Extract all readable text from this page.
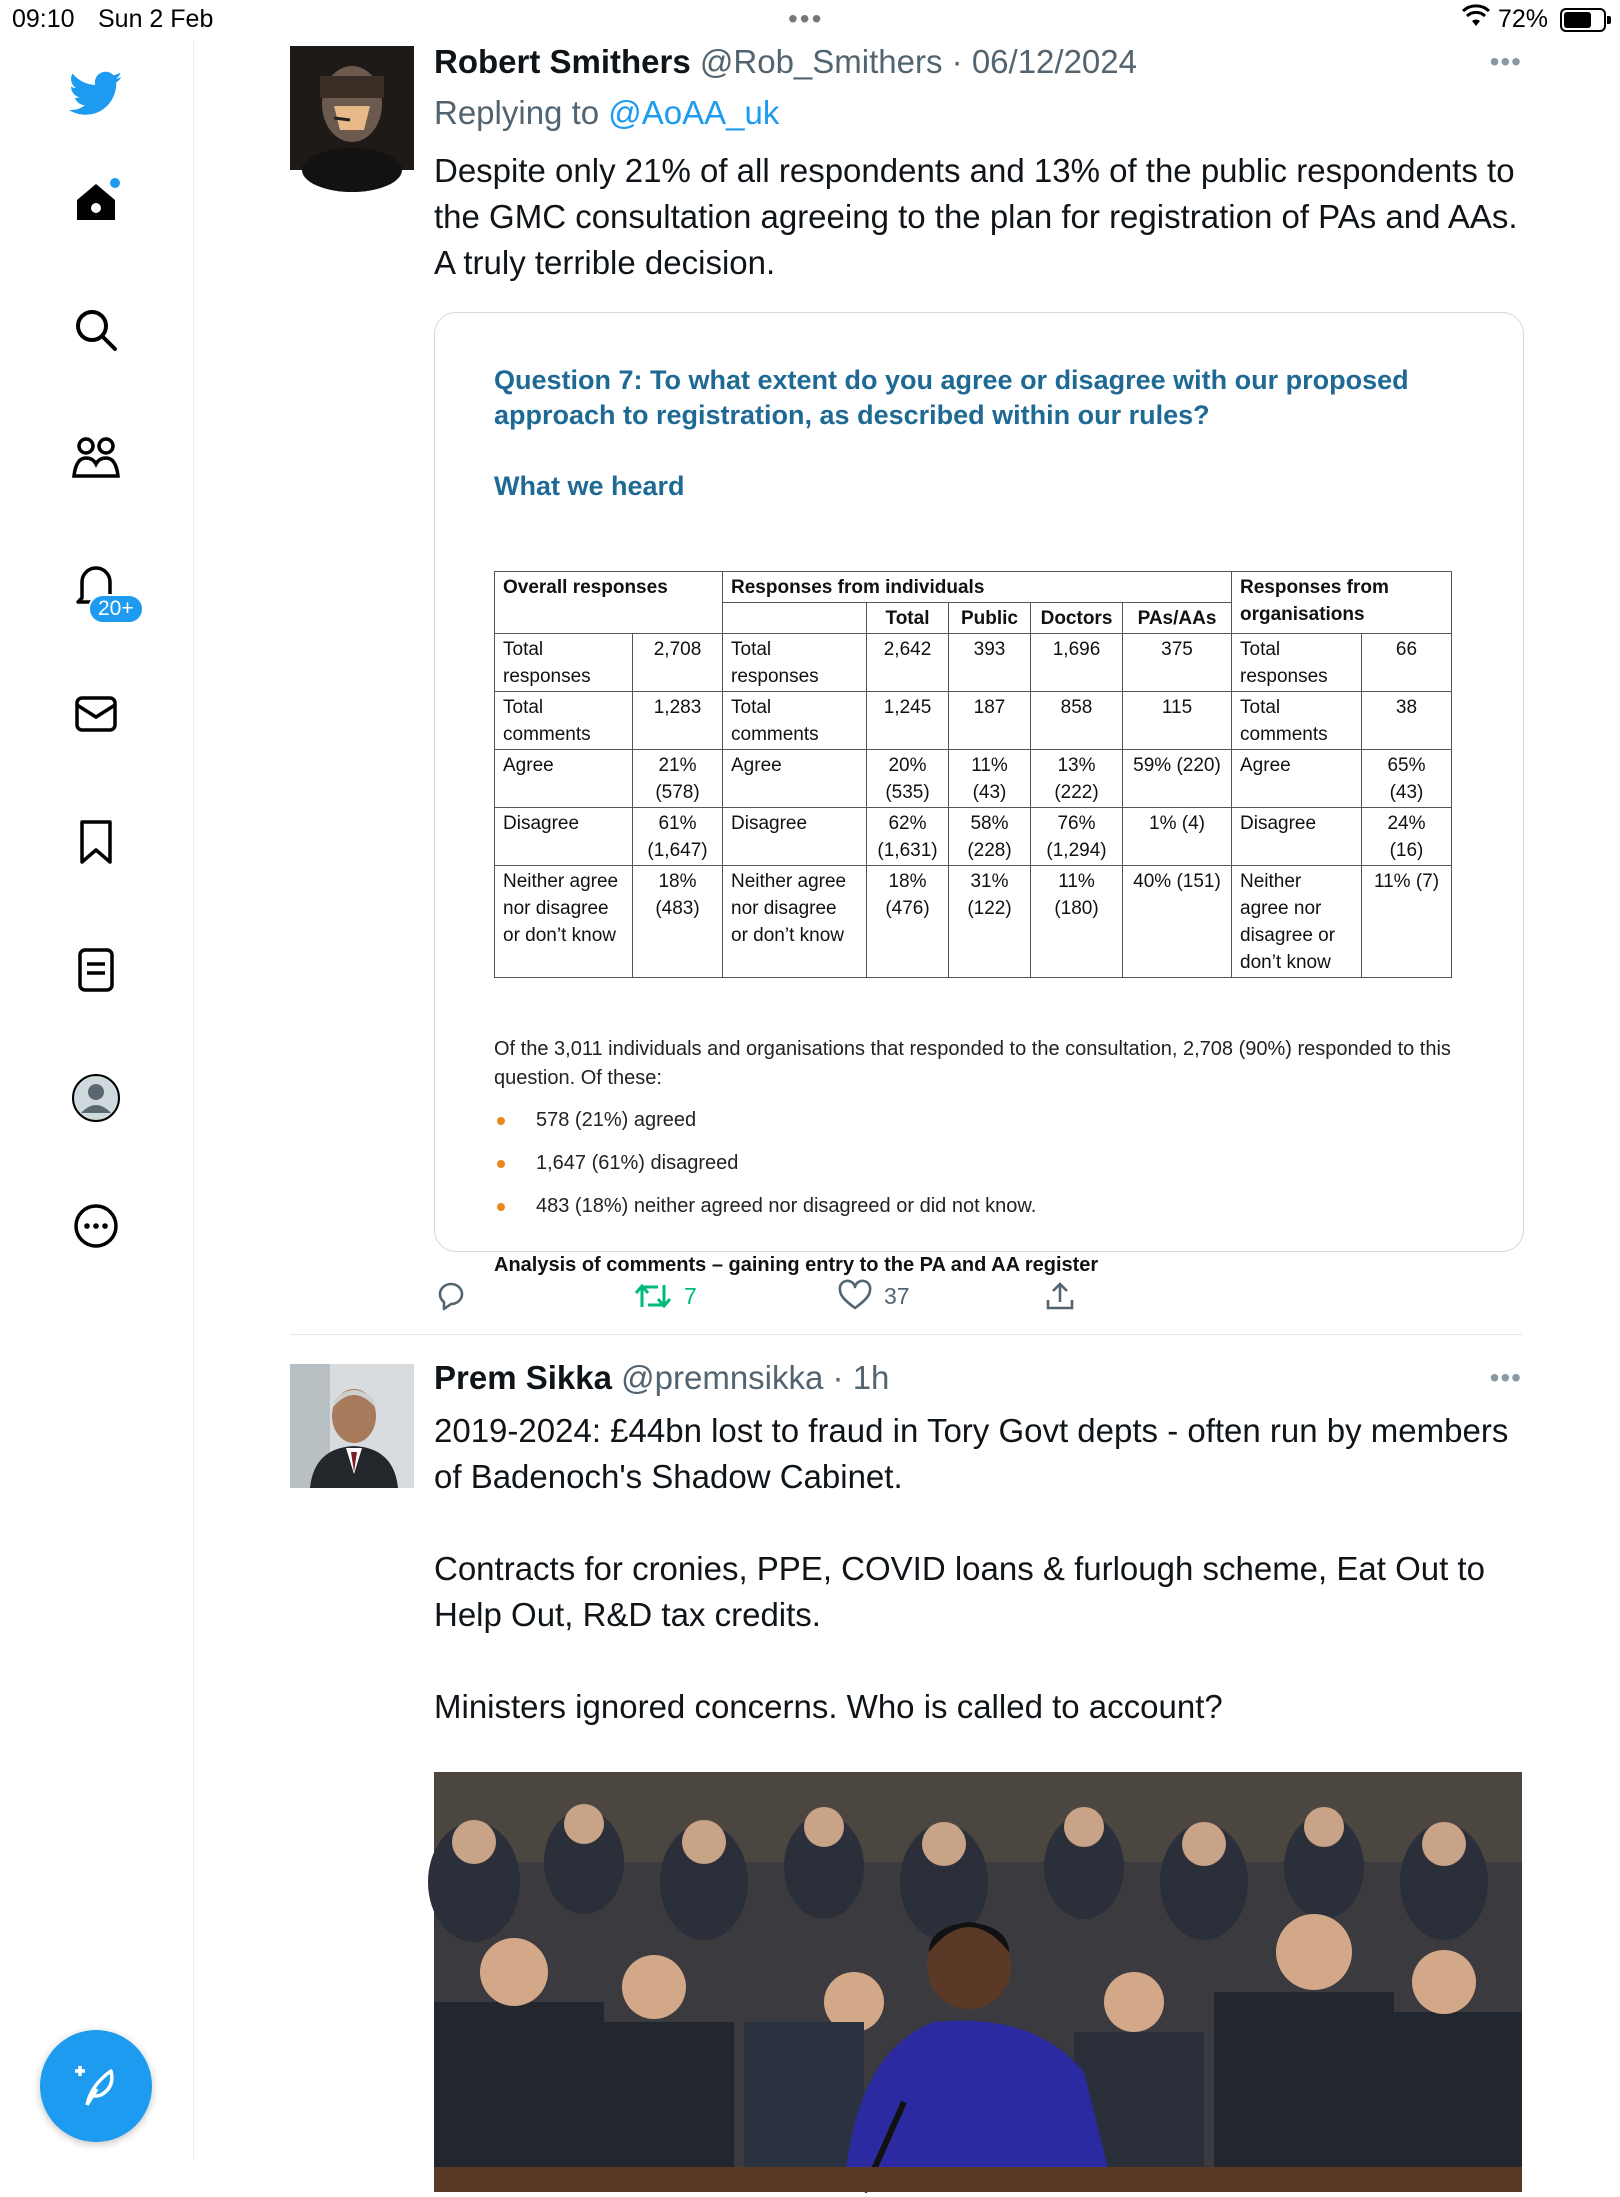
09:10 Sun 2 Feb	•••	72%
20+
Robert Smithers @Rob_Smithers · 06/12/2024	•••
Replying to @AoAA_uk
Despite only 21% of all respondents and 13% of the public respondents to the GMC consultation agreeing to the plan for registration of PAs and AAs. A truly terrible decision.
Question 7: To what extent do you agree or disagree with our proposed approach to registration, as described within our rules?
What we heard
Overall responses		Responses from individuals					Responses from organisations	
			Total	Public	Doctors	PAs/AAs		
Total responses	2,708	Total responses	2,642	393	1,696	375	Total responses	66
Total comments	1,283	Total comments	1,245	187	858	115	Total comments	38
Agree	21% (578)	Agree	20% (535)	11% (43)	13% (222)	59% (220)	Agree	65% (43)
Disagree	61% (1,647)	Disagree	62% (1,631)	58% (228)	76% (1,294)	1% (4)	Disagree	24% (16)
Neither agree nor disagree or don’t know	18% (483)	Neither agree nor disagree or don’t know	18% (476)	31% (122)	11% (180)	40% (151)	Neither agree nor disagree or don’t know	11% (7)
Of the 3,011 individuals and organisations that responded to the consultation, 2,708 (90%) responded to this question. Of these:
578 (21%) agreed
1,647 (61%) disagreed
483 (18%) neither agreed nor disagreed or did not know.
Analysis of comments – gaining entry to the PA and AA register
7	37
Prem Sikka @premnsikka · 1h	•••
2019-2024: £44bn lost to fraud in Tory Govt depts - often run by members of Badenoch's Shadow Cabinet.
Contracts for cronies, PPE, COVID loans & furlough scheme, Eat Out to Help Out, R&D tax credits.
Ministers ignored concerns. Who is called to account?
